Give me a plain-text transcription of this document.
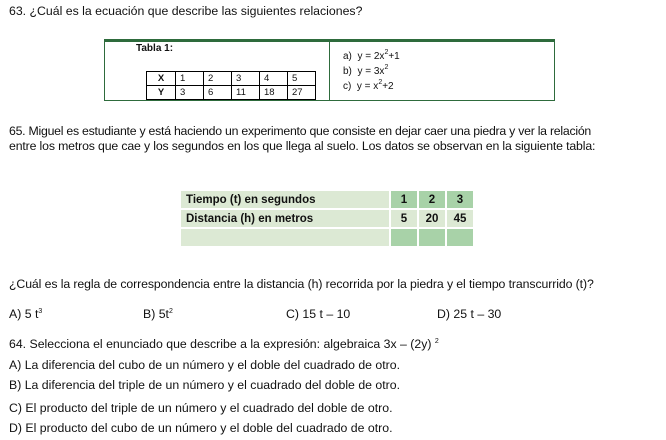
63. ¿Cuál es la ecuación que describe las siguientes relaciones?
Tabla 1:
X	1	2	3	4	5
Y	3	6	11	18	27
a) $y = 2x^2+1$
b) $y = 3x^2$
c) $y = x^2+2$
65. Miguel es estudiante y está haciendo un experimento que consiste en dejar caer una piedra y ver la relación
entre los metros que cae y los segundos en los que llega al suelo. Los datos se observan en la siguiente tabla:
Tiempo (t) en segundos	1	2	3
Distancia (h) en metros	5	20	45
¿Cuál es la regla de correspondencia entre la distancia (h) recorrida por la piedra y el tiempo transcurrido (t)?
A) 5 $t^3$	B) $5t^2$	C) 15 t – 10	D) 25 t – 30
64. Selecciona el enunciado que describe a la expresión: algebraica 3x – (2y) $^2$
A) La diferencia del cubo de un número y el doble del cuadrado de otro.
B) La diferencia del triple de un número y el cuadrado del doble de otro.
C) El producto del triple de un número y el cuadrado del doble de otro.
D) El producto del cubo de un número y el doble del cuadrado de otro.
